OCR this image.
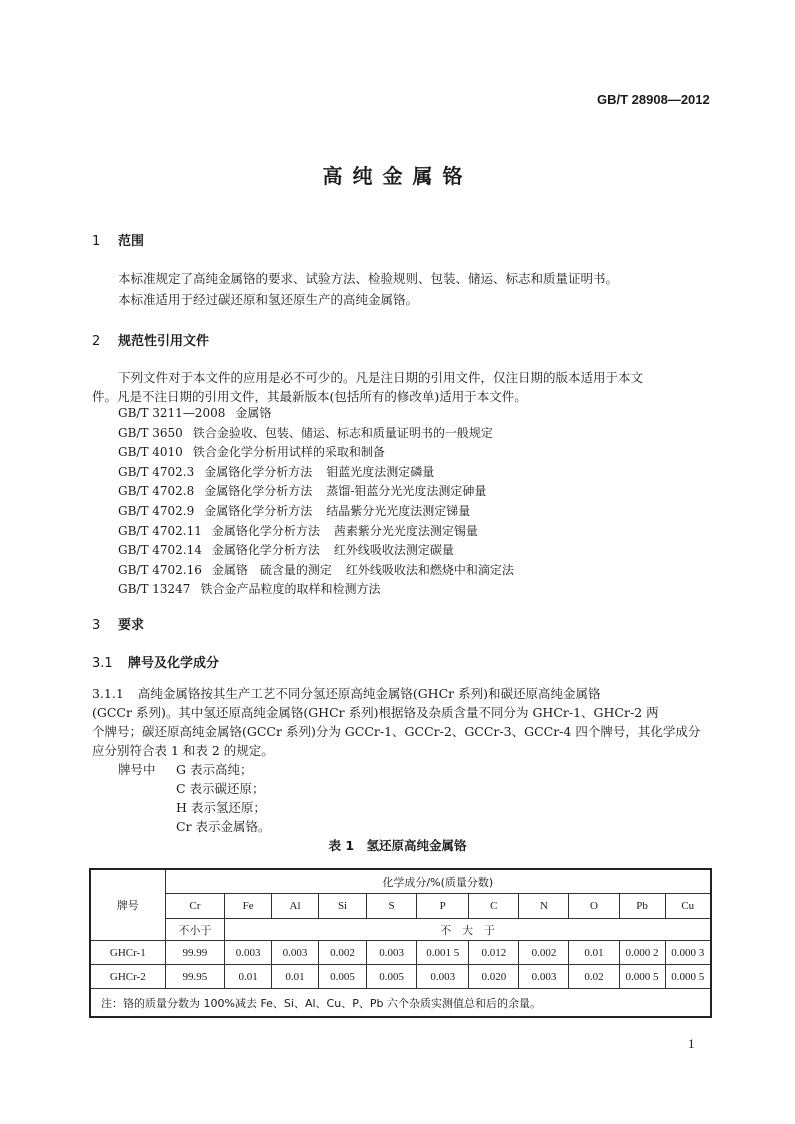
GB/T 28908—2012
高纯金属铬
1 范围
本标准规定了高纯金属铬的要求、试验方法、检验规则、包装、储运、标志和质量证明书。
本标准适用于经过碳还原和氢还原生产的高纯金属铬。
2 规范性引用文件
下列文件对于本文件的应用是必不可少的。凡是注日期的引用文件，仅注日期的版本适用于本文
件。凡是不注日期的引用文件，其最新版本(包括所有的修改单)适用于本文件。
GB/T 3211—2008 金属铬
GB/T 3650 铁合金验收、包装、储运、标志和质量证明书的一般规定
GB/T 4010 铁合金化学分析用试样的采取和制备
GB/T 4702.3 金属铬化学分析方法 钼蓝光度法测定磷量
GB/T 4702.8 金属铬化学分析方法 蒸馏-钼蓝分光光度法测定砷量
GB/T 4702.9 金属铬化学分析方法 结晶紫分光光度法测定锑量
GB/T 4702.11 金属铬化学分析方法 茜素紫分光光度法测定锡量
GB/T 4702.14 金属铬化学分析方法 红外线吸收法测定碳量
GB/T 4702.16 金属铬　硫含量的测定 红外线吸收法和燃烧中和滴定法
GB/T 13247 铁合金产品粒度的取样和检测方法
3 要求
3.1 牌号及化学成分
3.1.1 高纯金属铬按其生产工艺不同分氢还原高纯金属铬(GHCr 系列)和碳还原高纯金属铬
(GCCr 系列)。其中氢还原高纯金属铬(GHCr 系列)根据铬及杂质含量不同分为 GHCr-1、GHCr-2 两
个牌号；碳还原高纯金属铬(GCCr 系列)分为 GCCr-1、GCCr-2、GCCr-3、GCCr-4 四个牌号，其化学成分
应分别符合表 1 和表 2 的规定。
牌号中 G 表示高纯；
C 表示碳还原；
H 表示氢还原；
Cr 表示金属铬。
表 1　氢还原高纯金属铬
牌号	化学成分/%(质量分数)										
	Cr	Fe	Al	Si	S	P	C	N	O	Pb	Cu
	不小于	不　大　于									
GHCr-1	99.99	0.003	0.003	0.002	0.003	0.001 5	0.012	0.002	0.01	0.000 2	0.000 3
GHCr-2	99.95	0.01	0.01	0.005	0.005	0.003	0.020	0.003	0.02	0.000 5	0.000 5
注：铬的质量分数为 100%减去 Fe、Si、Al、Cu、P、Pb 六个杂质实测值总和后的余量。											
1
